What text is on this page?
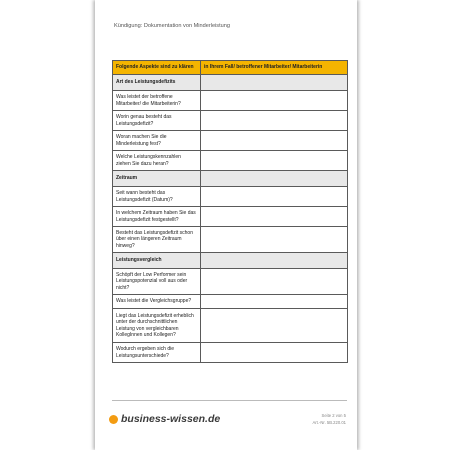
Kündigung: Dokumentation von Minderleistung
Folgende Aspekte sind zu klären	in Ihrem Fall/ betroffener Mitarbeiter/ Mitarbeiterin
Art des Leistungsdefizits	
Was leistet der betroffene Mitarbeiter/ die Mitarbeiterin?	
Worin genau besteht das Leistungsdefizit?	
Woran machen Sie die Minderleistung fest?	
Welche Leistungskennzahlen ziehen Sie dazu heran?	
Zeitraum	
Seit wann besteht das Leistungsdefizit (Datum)?	
In welchem Zeitraum haben Sie das Leistungsdefizit festgestellt?	
Besteht das Leistungsdefizit schon über einen längeren Zeitraum hinweg?	
Leistungsvergleich	
Schöpft der Low Performer sein Leistungspotenzial voll aus oder nicht?	
Was leistet die Vergleichsgruppe?	
Liegt das Leistungsdefizit erheblich unter der durchschnittlichen Leistung von vergleichbaren KollegInnen und Kollegen?	
Wodurch ergeben sich die Leistungsunterschiede?	
business-wissen.de	Seite 2 von 5
Art.-Nr. 5B.220.01
